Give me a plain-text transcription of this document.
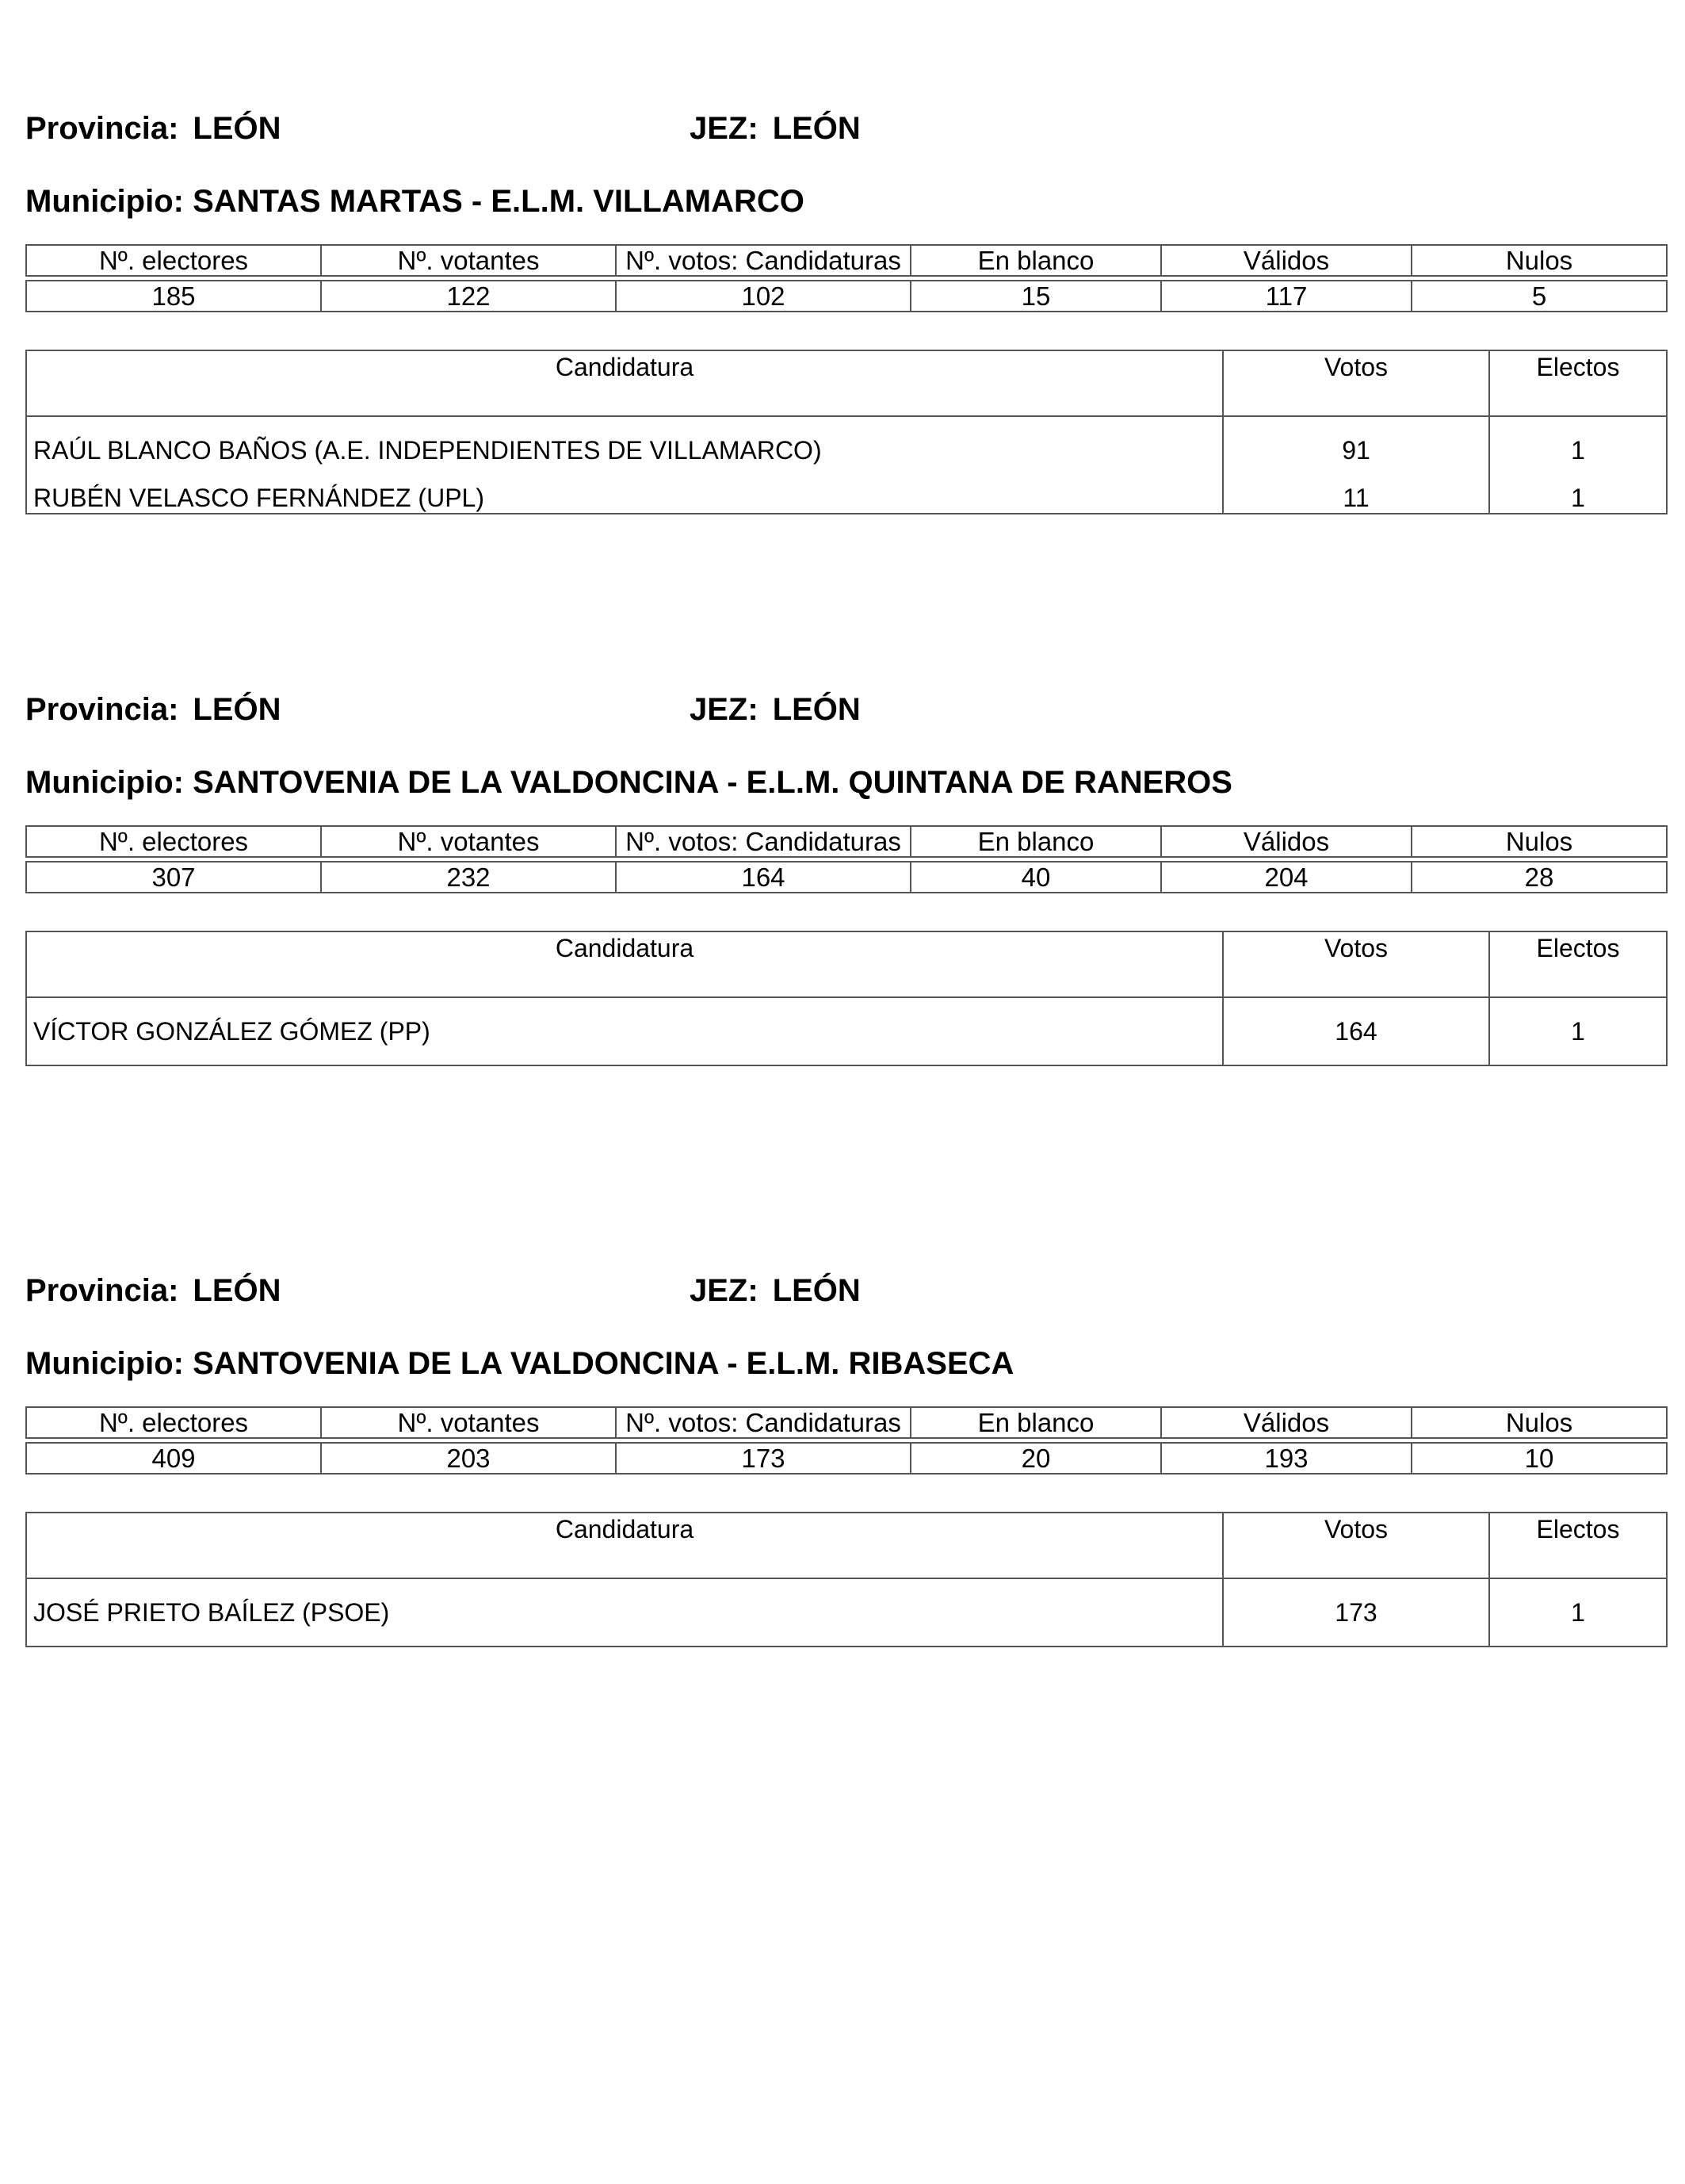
Provincia: LEÓN	JEZ: LEÓN
Municipio: SANTAS MARTAS - E.L.M. VILLAMARCO
Nº. electores	Nº. votantes	Nº. votos: Candidaturas	En blanco	Válidos	Nulos

185	122	102	15	117	5
Candidatura	Votos	Electos
RAÚL BLANCO BAÑOS (A.E. INDEPENDIENTES DE VILLAMARCO)	91	1
RUBÉN VELASCO FERNÁNDEZ (UPL)	11	1
Provincia: LEÓN	JEZ: LEÓN
Municipio: SANTOVENIA DE LA VALDONCINA - E.L.M. QUINTANA DE RANEROS
Nº. electores	Nº. votantes	Nº. votos: Candidaturas	En blanco	Válidos	Nulos

307	232	164	40	204	28
Candidatura	Votos	Electos
VÍCTOR GONZÁLEZ GÓMEZ (PP)	164	1
Provincia: LEÓN	JEZ: LEÓN
Municipio: SANTOVENIA DE LA VALDONCINA - E.L.M. RIBASECA
Nº. electores	Nº. votantes	Nº. votos: Candidaturas	En blanco	Válidos	Nulos

409	203	173	20	193	10
Candidatura	Votos	Electos
JOSÉ PRIETO BAÍLEZ (PSOE)	173	1
